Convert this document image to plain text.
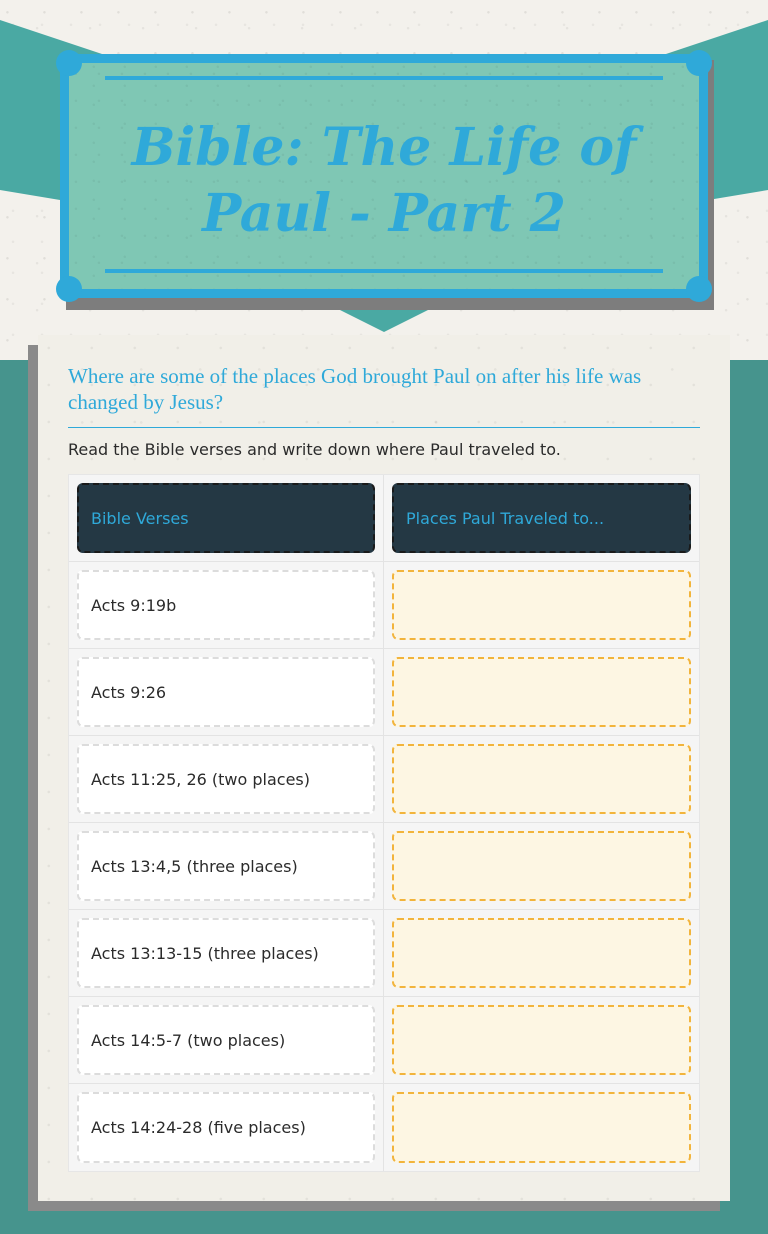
Bible: The Life of Paul - Part 2
Where are some of the places God brought Paul on after his life was changed by Jesus?
Read the Bible verses and write down where Paul traveled to.
Bible Verses	Places Paul Traveled to...
Acts 9:19b
Acts 9:26
Acts 11:25, 26 (two places)
Acts 13:4,5 (three places)
Acts 13:13-15 (three places)
Acts 14:5-7 (two places)
Acts 14:24-28 (five places)
